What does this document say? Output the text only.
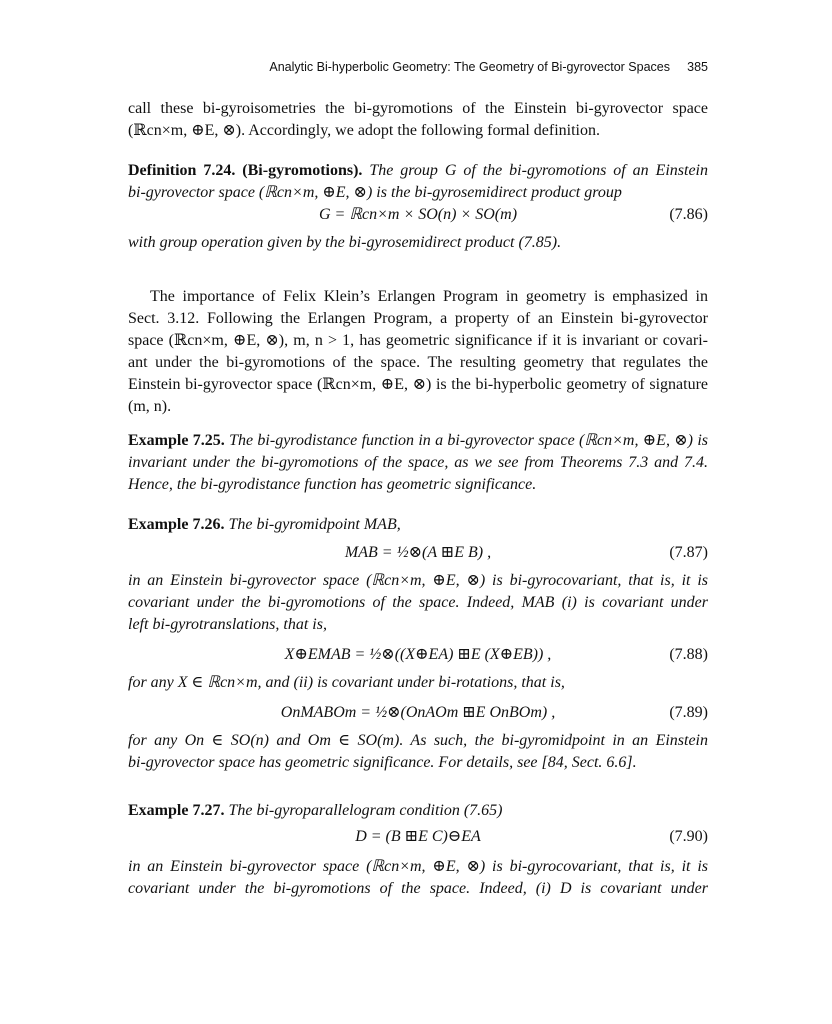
Analytic Bi-hyperbolic Geometry: The Geometry of Bi-gyrovector Spaces 385
call these bi-gyroisometries the bi-gyromotions of the Einstein bi-gyrovector space
(ℝcn×m, ⊕E, ⊗). Accordingly, we adopt the following formal definition.
Definition 7.24. (Bi-gyromotions). The group G of the bi-gyromotions of an Einstein
bi-gyrovector space (ℝcn×m, ⊕E, ⊗) is the bi-gyrosemidirect product group
G = ℝcn×m × SO(n) × SO(m)	(7.86)
with group operation given by the bi-gyrosemidirect product (7.85).
The importance of Felix Klein’s Erlangen Program in geometry is emphasized in
Sect. 3.12. Following the Erlangen Program, a property of an Einstein bi-gyrovector
space (ℝcn×m, ⊕E, ⊗), m, n > 1, has geometric significance if it is invariant or covari-
ant under the bi-gyromotions of the space. The resulting geometry that regulates the
Einstein bi-gyrovector space (ℝcn×m, ⊕E, ⊗) is the bi-hyperbolic geometry of signature
(m, n).
Example 7.25. The bi-gyrodistance function in a bi-gyrovector space (ℝcn×m, ⊕E, ⊗) is
invariant under the bi-gyromotions of the space, as we see from Theorems 7.3 and 7.4.
Hence, the bi-gyrodistance function has geometric significance.
Example 7.26. The bi-gyromidpoint MAB,
MAB = ½⊗(A ⊞E B) ,	(7.87)
in an Einstein bi-gyrovector space (ℝcn×m, ⊕E, ⊗) is bi-gyrocovariant, that is, it is
covariant under the bi-gyromotions of the space. Indeed, MAB (i) is covariant under
left bi-gyrotranslations, that is,
X⊕EMAB = ½⊗((X⊕EA) ⊞E (X⊕EB)) ,	(7.88)
for any X ∈ ℝcn×m, and (ii) is covariant under bi-rotations, that is,
OnMABOm = ½⊗(OnAOm ⊞E OnBOm) ,	(7.89)
for any On ∈ SO(n) and Om ∈ SO(m). As such, the bi-gyromidpoint in an Einstein
bi-gyrovector space has geometric significance. For details, see [84, Sect. 6.6].
Example 7.27. The bi-gyroparallelogram condition (7.65)
D = (B ⊞E C)⊖EA	(7.90)
in an Einstein bi-gyrovector space (ℝcn×m, ⊕E, ⊗) is bi-gyrocovariant, that is, it is
covariant under the bi-gyromotions of the space. Indeed, (i) D is covariant under
